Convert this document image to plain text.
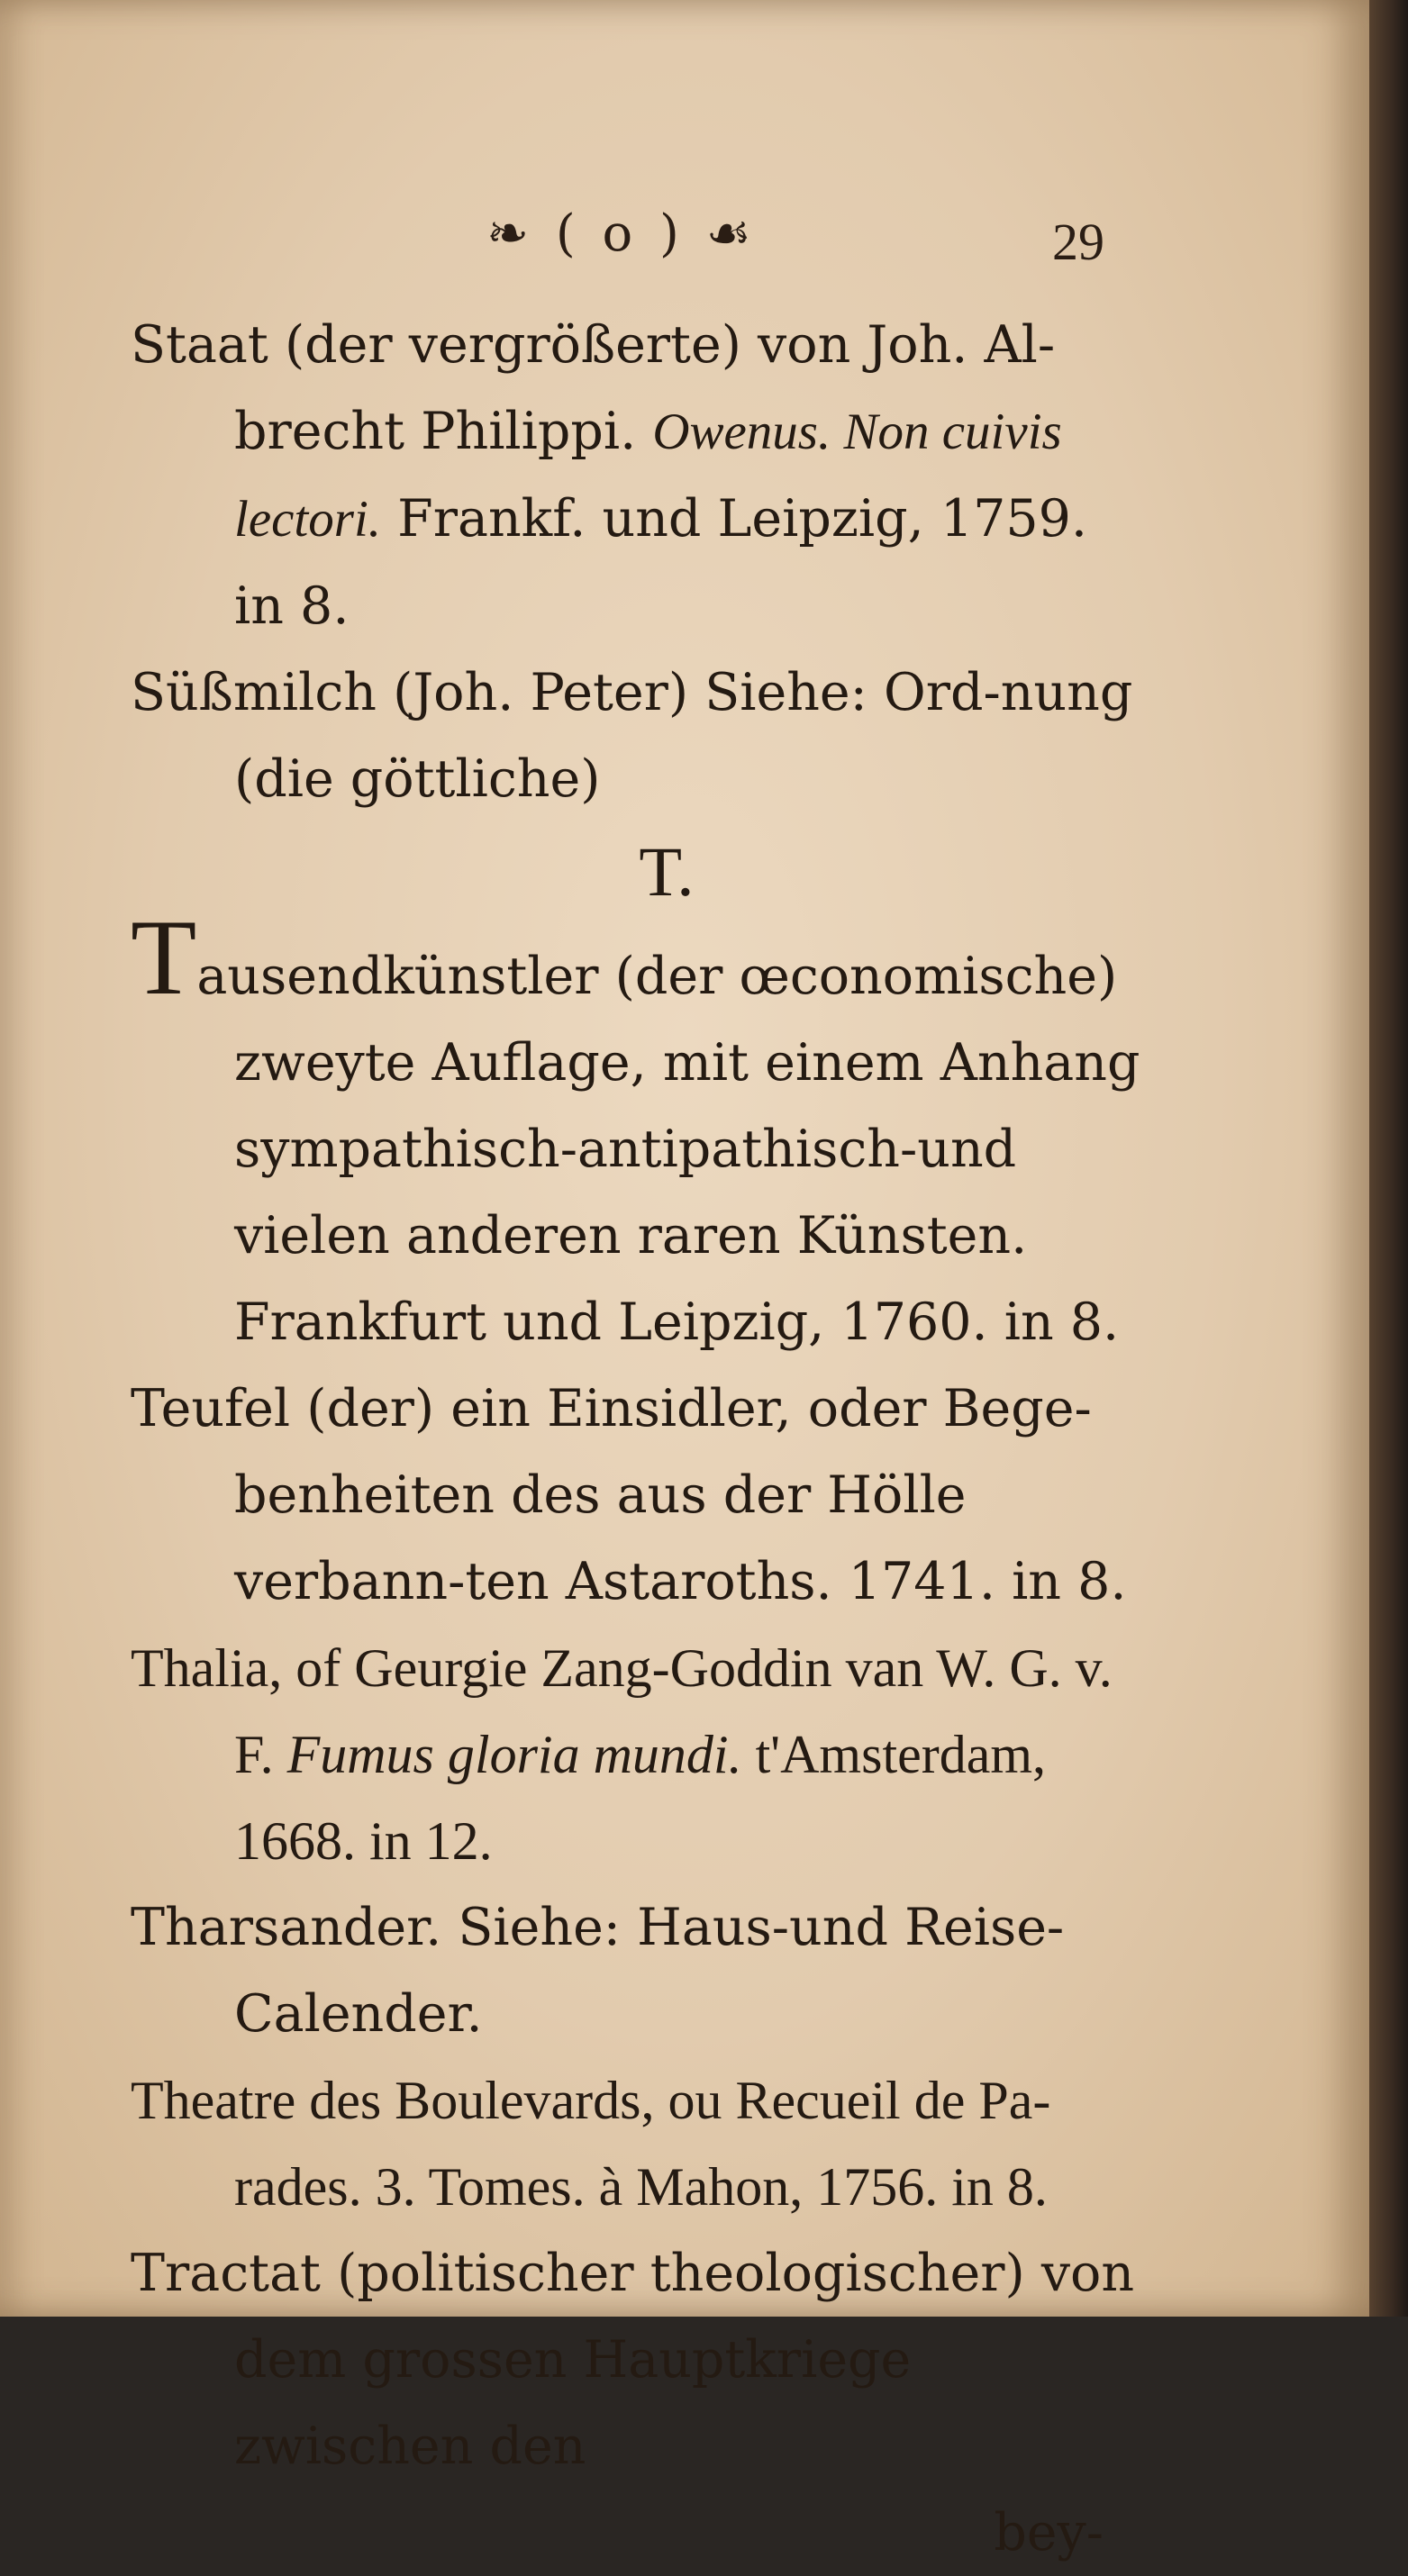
❧ ( o ) ☙	29

Staat (der vergrößerte) von Joh. Al-brecht Philippi. Owenus. Non cuivis lectori. Frankf. und Leipzig, 1759. in 8.

Süßmilch (Joh. Peter) Siehe: Ord-nung (die göttliche)

T.

Tausendkünstler (der œconomische) zweyte Auflage, mit einem Anhang sympathisch-antipathisch-und vielen anderen raren Künsten. Frankfurt und Leipzig, 1760. in 8.

Teufel (der) ein Einsidler, oder Bege-benheiten des aus der Hölle verbann-ten Astaroths. 1741. in 8.

Thalia, of Geurgie Zang-Goddin van W. G. v. F. Fumus gloria mundi. t'Amsterdam, 1668. in 12.

Tharsander. Siehe: Haus-und Reise-Calender.

Theatre des Boulevards, ou Recueil de Pa-rades. 3. Tomes. à Mahon, 1756. in 8.

Tractat (politischer theologischer) von dem grossen Hauptkriege zwischen den

bey-
